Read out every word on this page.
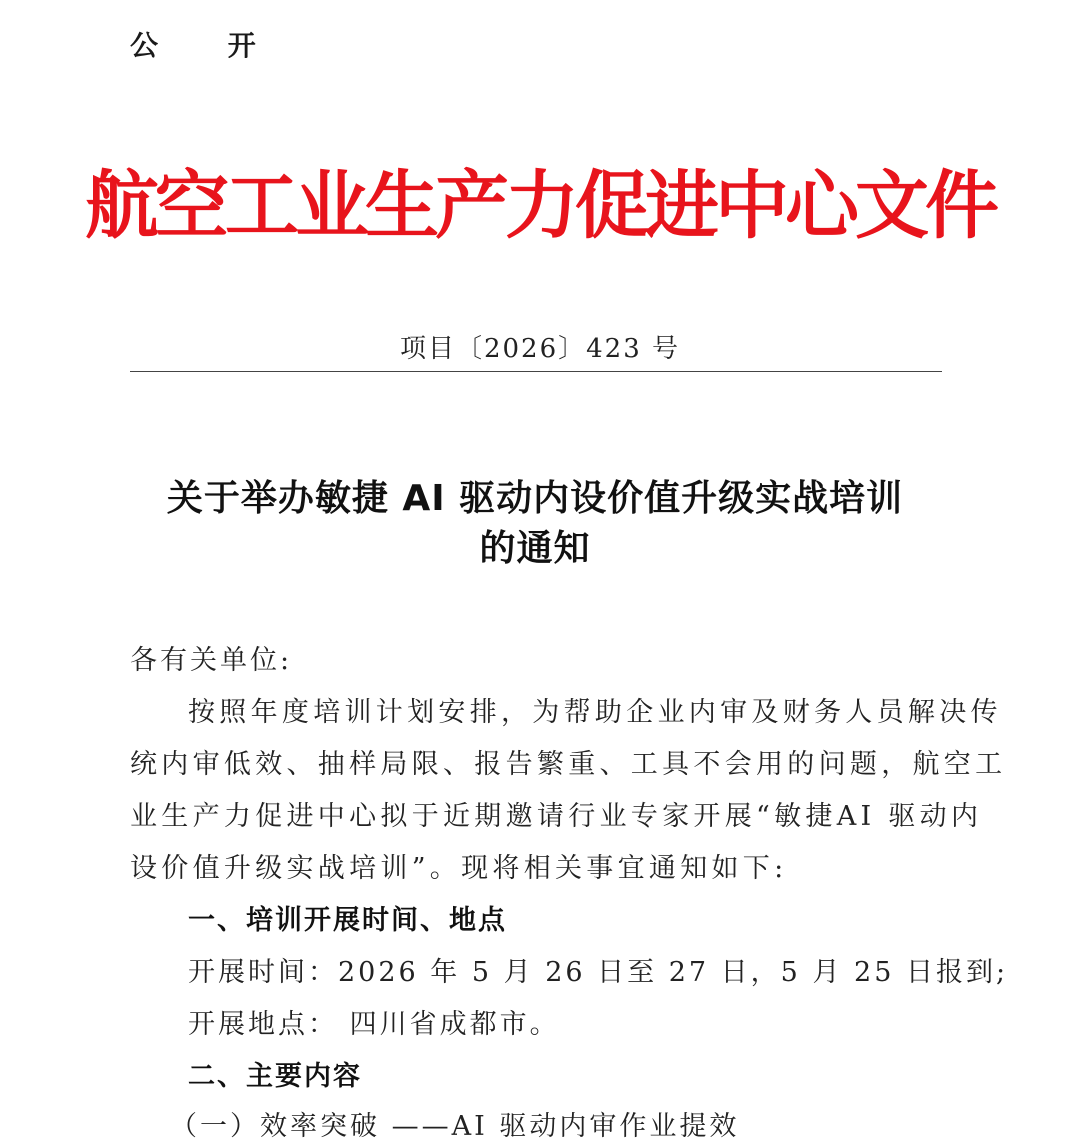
公 开
航空工业生产力促进中心文件
项目〔2026〕423 号
关于举办敏捷 AI 驱动内设价值升级实战培训
的通知
各有关单位:
按照年度培训计划安排，为帮助企业内审及财务人员解决传
统内审低效、抽样局限、报告繁重、工具不会用的问题，航空工
业生产力促进中心拟于近期邀请行业专家开展“敏捷AI 驱动内
设价值升级实战培训”。现将相关事宜通知如下:
一、培训开展时间、地点
开展时间：2026 年 5 月 26 日至 27 日，5 月 25 日报到;
开展地点： 四川省成都市。
二、主要内容
（一）效率突破 ——AI 驱动内审作业提效
